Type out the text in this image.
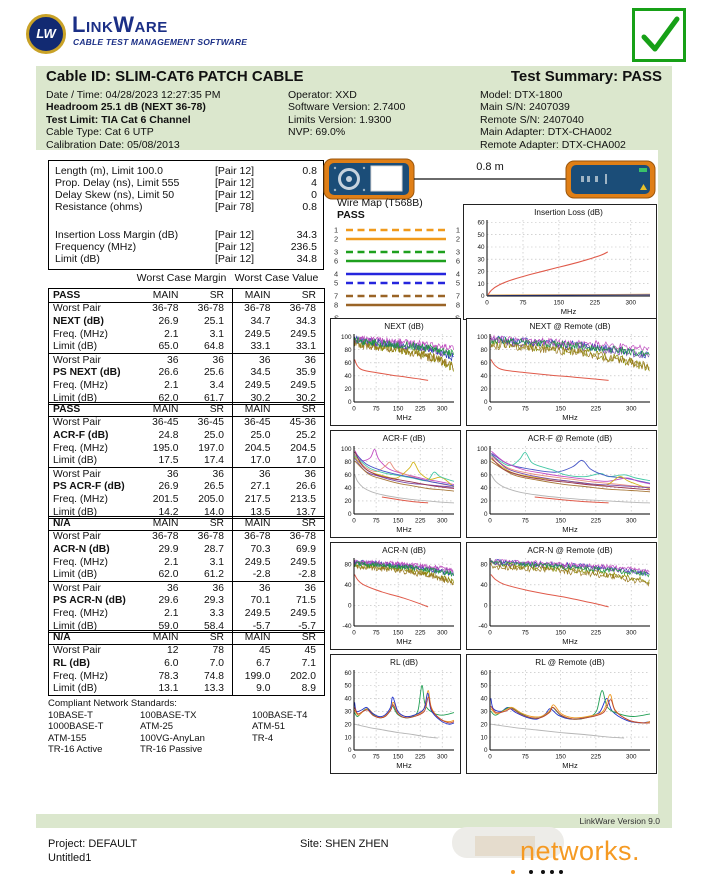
LW LinkWare
CABLE TEST MANAGEMENT SOFTWARE
Cable ID: SLIM-CAT6 PATCH CABLE	Test Summary: PASS
Date / Time: 04/28/2023 12:27:35 PM
Headroom 25.1 dB (NEXT 36-78)
Test Limit: TIA Cat 6 Channel
Cable Type: Cat 6 UTP
Calibration Date: 05/08/2013
Operator: XXD
Software Version: 2.7400
Limits Version: 1.9300
NVP: 69.0%
Model: DTX-1800
Main S/N: 2407039
Remote S/N: 2407040
Main Adapter: DTX-CHA002
Remote Adapter: DTX-CHA002
LinkWare Version 9.0
Length (m), Limit 100.0	[Pair 12]	0.8
Prop. Delay (ns), Limit 555	[Pair 12]	4
Delay Skew (ns), Limit 50	[Pair 12]	0
Resistance (ohms)	[Pair 78]	0.8
Insertion Loss Margin (dB)	[Pair 12]	34.3
Frequency (MHz)	[Pair 12]	236.5
Limit (dB)	[Pair 12]	34.8
Worst Case Margin Worst Case Value
PASS	MAIN	SR	MAIN	SR
Worst Pair	36-78	36-78	36-78	36-78
NEXT (dB)	26.9	25.1	34.7	34.3
Freq. (MHz)	2.1	3.1	249.5	249.5
Limit (dB)	65.0	64.8	33.1	33.1
Worst Pair	36	36	36	36
PS NEXT (dB)	26.6	25.6	34.5	35.9
Freq. (MHz)	2.1	3.4	249.5	249.5
Limit (dB)	62.0	61.7	30.2	30.2
PASS	MAIN	SR	MAIN	SR
Worst Pair	36-45	36-45	36-45	45-36
ACR-F (dB)	24.8	25.0	25.0	25.2
Freq. (MHz)	195.0	197.0	204.5	204.5
Limit (dB)	17.5	17.4	17.0	17.0
Worst Pair	36	36	36	36
PS ACR-F (dB)	26.9	26.5	27.1	26.6
Freq. (MHz)	201.5	205.0	217.5	213.5
Limit (dB)	14.2	14.0	13.5	13.7
N/A	MAIN	SR	MAIN	SR
Worst Pair	36-78	36-78	36-78	36-78
ACR-N (dB)	29.9	28.7	70.3	69.9
Freq. (MHz)	2.1	3.1	249.5	249.5
Limit (dB)	62.0	61.2	-2.8	-2.8
Worst Pair	36	36	36	36
PS ACR-N (dB)	29.6	29.3	70.1	71.5
Freq. (MHz)	2.1	3.3	249.5	249.5
Limit (dB)	59.0	58.4	-5.7	-5.7
N/A	MAIN	SR	MAIN	SR
Worst Pair	12	78	45	45
RL (dB)	6.0	7.0	6.7	7.1
Freq. (MHz)	78.3	74.8	199.0	202.0
Limit (dB)	13.1	13.3	9.0	8.9
Compliant Network Standards:
10BASE-T	100BASE-TX	100BASE-T4
1000BASE-T	ATM-25	ATM-51
ATM-155	100VG-AnyLan	TR-4
TR-16 Active	TR-16 Passive
0.8 m
Wire Map (T568B)
PASS
1	1
2	2
3	3
6	6
4	4
5	5
7	7
8	8
Insertion Loss (dB)
0
10
20
30
40
50
60
0	75	150	225	300
MHz
NEXT (dB)
0
20
40
60
80
100
0	75 150 225 300
MHz
NEXT @ Remote (dB)
0
20
40
60
80
100
0	75	150	225	300
MHz
ACR-F (dB)
0
20
40
60
80
100
0	75 150 225 300
MHz
ACR-F @ Remote (dB)
0
20
40
60
80
100
0	75	150	225	300
MHz
ACR-N (dB)
-40
0
40
80
0	75 150 225 300
MHz
ACR-N @ Remote (dB)
-40
0
40
80
0	75	150	225	300
MHz
RL (dB)
0
10
20
30
40
50
60
0	75 150 225 300
MHz
RL @ Remote (dB)
0
10
20
30
40
50
60
0	75	150	225	300
MHz
Project: DEFAULT
Untitled1
Site: SHEN ZHEN	networks.
